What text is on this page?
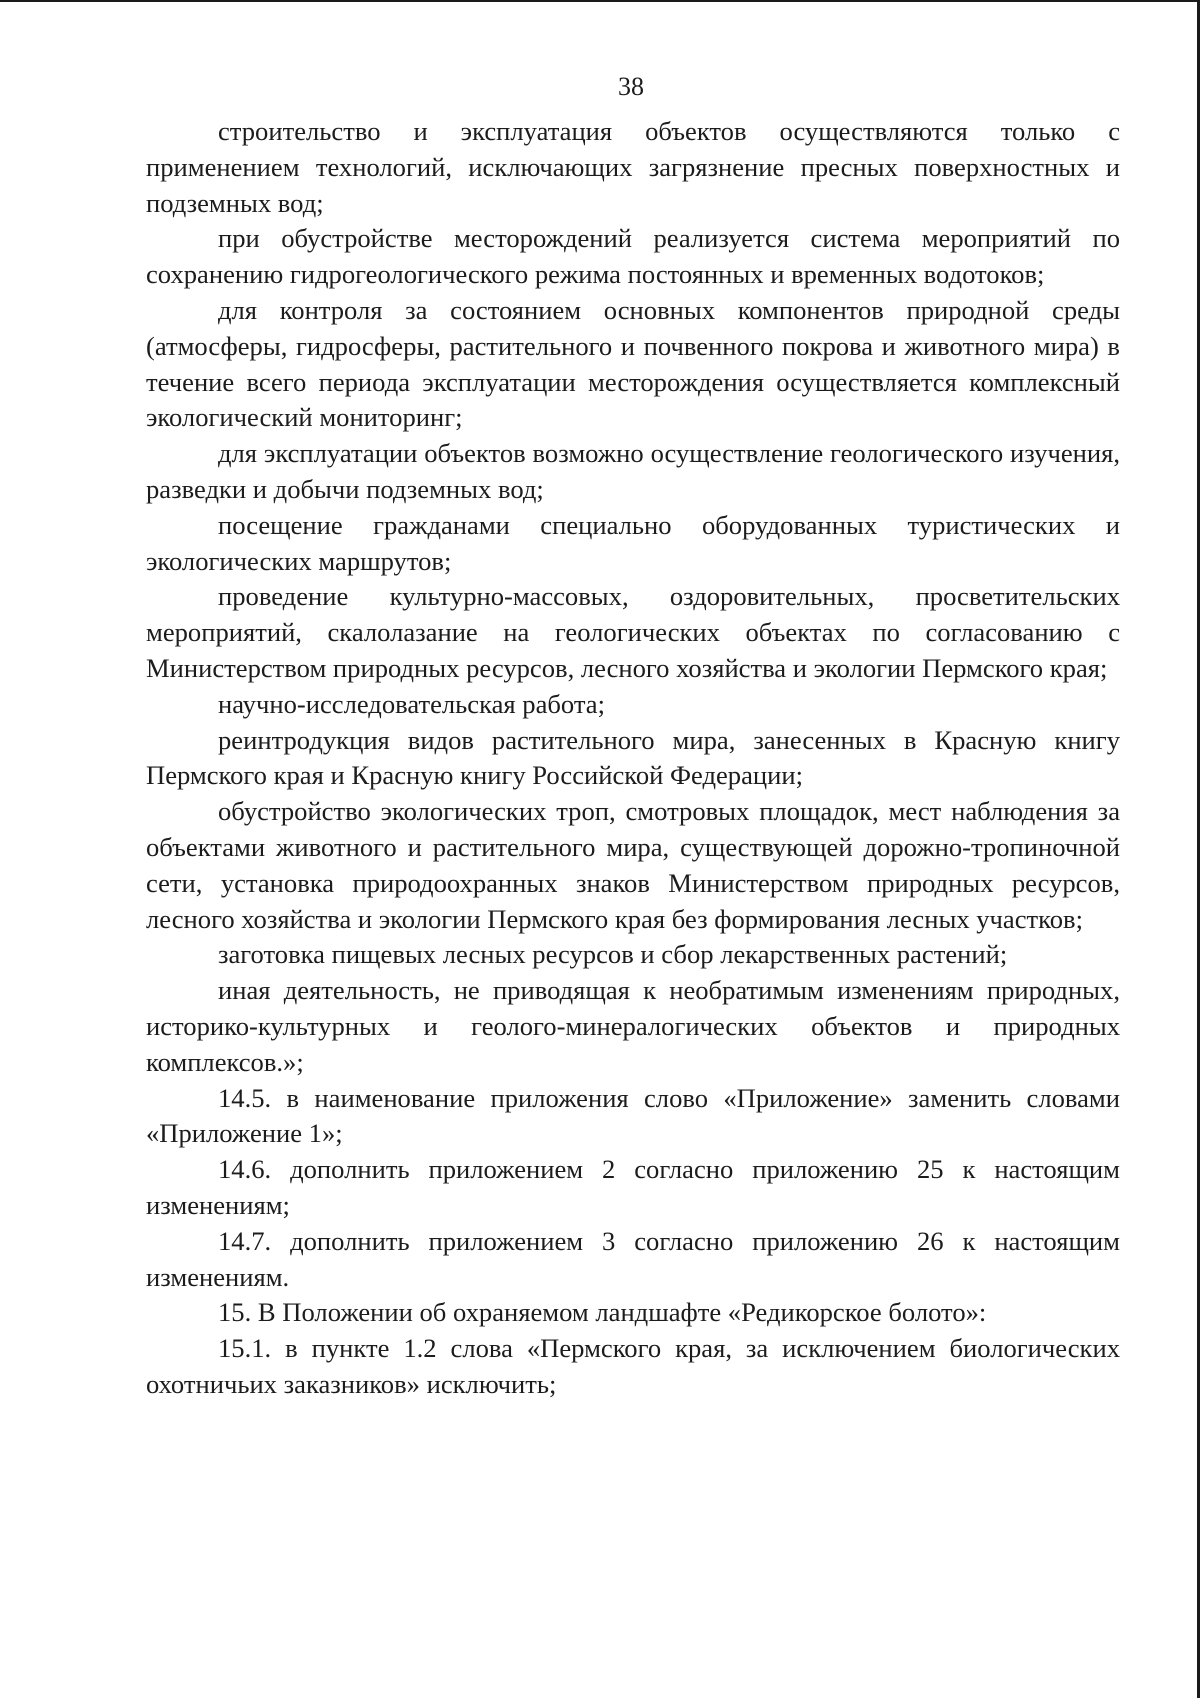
38

строительство и эксплуатация объектов осуществляются только с применением технологий, исключающих загрязнение пресных поверхностных и подземных вод;

при обустройстве месторождений реализуется система мероприятий по сохранению гидрогеологического режима постоянных и временных водотоков;

для контроля за состоянием основных компонентов природной среды (атмосферы, гидросферы, растительного и почвенного покрова и животного мира) в течение всего периода эксплуатации месторождения осуществляется комплексный экологический мониторинг;

для эксплуатации объектов возможно осуществление геологического изучения, разведки и добычи подземных вод;

посещение гражданами специально оборудованных туристических и экологических маршрутов;

проведение культурно-массовых, оздоровительных, просветительских мероприятий, скалолазание на геологических объектах по согласованию с Министерством природных ресурсов, лесного хозяйства и экологии Пермского края;

научно-исследовательская работа;

реинтродукция видов растительного мира, занесенных в Красную книгу Пермского края и Красную книгу Российской Федерации;

обустройство экологических троп, смотровых площадок, мест наблюдения за объектами животного и растительного мира, существующей дорожно-тропиночной сети, установка природоохранных знаков Министерством природных ресурсов, лесного хозяйства и экологии Пермского края без формирования лесных участков;

заготовка пищевых лесных ресурсов и сбор лекарственных растений;

иная деятельность, не приводящая к необратимым изменениям природных, историко-культурных и геолого-минералогических объектов и природных комплексов.»;

14.5. в наименование приложения слово «Приложение» заменить словами «Приложение 1»;

14.6. дополнить приложением 2 согласно приложению 25 к настоящим изменениям;

14.7. дополнить приложением 3 согласно приложению 26 к настоящим изменениям.

15. В Положении об охраняемом ландшафте «Редикорское болото»:

15.1. в пункте 1.2 слова «Пермского края, за исключением биологических охотничьих заказников» исключить;
